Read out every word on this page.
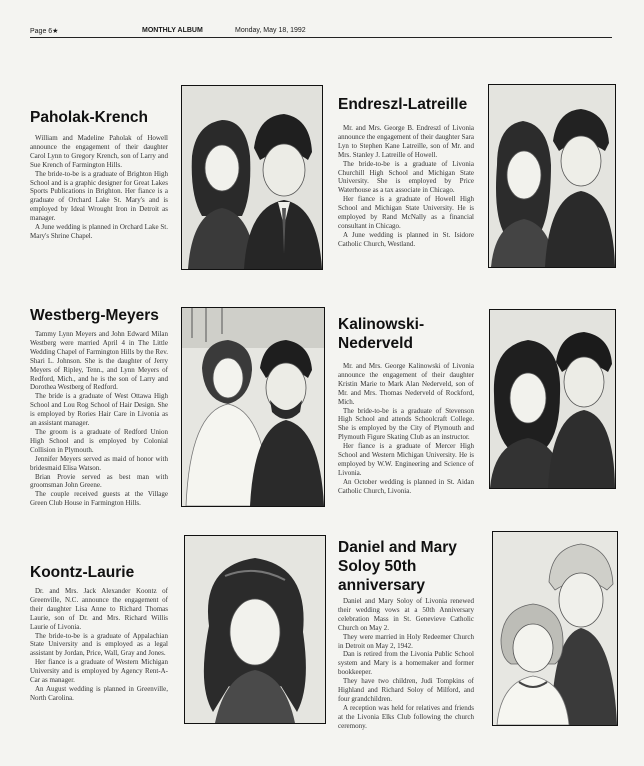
Page 6★	MONTHLY ALBUM	Monday, May 18, 1992
Paholak-Krench

William and Madeline Paholak of Howell announce the engagement of their daughter Carol Lynn to Gregory Krench, son of Larry and Sue Krench of Farmington Hills.

The bride-to-be is a graduate of Brighton High School and is a graphic designer for Great Lakes Sports Publications in Brighton. Her fiance is a graduate of Orchard Lake St. Mary's and is employed by Ideal Wrought Iron in Detroit as manager.

A June wedding is planned in Orchard Lake St. Mary's Shrine Chapel.

Endreszl-Latreille

Mr. and Mrs. George B. Endreszl of Livonia announce the engagement of their daughter Sara Lyn to Stephen Kane Latreille, son of Mr. and Mrs. Stanley J. Latreille of Howell.

The bride-to-be is a graduate of Livonia Churchill High School and Michigan State University. She is employed by Price Waterhouse as a tax associate in Chicago.

Her fiance is a graduate of Howell High School and Michigan State University. He is employed by Rand McNally as a financial consultant in Chicago.

A June wedding is planned in St. Isidore Catholic Church, Westland.

Westberg-Meyers

Tammy Lynn Meyers and John Edward Milan Westberg were married April 4 in The Little Wedding Chapel of Farmington Hills by the Rev. Shari L. Johnson. She is the daughter of Jerry Meyers of Ripley, Tenn., and Lynn Meyers of Redford, Mich., and he is the son of Larry and Dorothea Westberg of Redford.

The bride is a graduate of West Ottawa High School and Lou Rog School of Hair Design. She is employed by Rories Hair Care in Livonia as an assistant manager.

The groom is a graduate of Redford Union High School and is employed by Colonial Collision in Plymouth.

Jennifer Meyers served as maid of honor with bridesmaid Elisa Watson.

Brian Provie served as best man with groomsman John Greene.

The couple received guests at the Village Green Club House in Farmington Hills.

Kalinowski-
Nederveld

Mr. and Mrs. George Kalinowski of Livonia announce the engagement of their daughter Kristin Marie to Mark Alan Nederveld, son of Mr. and Mrs. Thomas Nederveld of Rockford, Mich.

The bride-to-be is a graduate of Stevenson High School and attends Schoolcraft College. She is employed by the City of Plymouth and Plymouth Figure Skating Club as an instructor.

Her fiance is a graduate of Mercer High School and Western Michigan University. He is employed by W.W. Engineering and Science of Livonia.

An October wedding is planned in St. Aidan Catholic Church, Livonia.

Koontz-Laurie

Dr. and Mrs. Jack Alexander Koontz of Greenville, N.C. announce the engagement of their daughter Lisa Anne to Richard Thomas Laurie, son of Dr. and Mrs. Richard Willis Laurie of Livonia.

The bride-to-be is a graduate of Appalachian State University and is employed as a legal assistant by Jordan, Price, Wall, Gray and Jones.

Her fiance is a graduate of Western Michigan University and is employed by Agency Rent-A-Car as manager.

An August wedding is planned in Greenville, North Carolina.

Daniel and Mary
Soloy 50th
anniversary

Daniel and Mary Soloy of Livonia renewed their wedding vows at a 50th Anniversary celebration Mass in St. Genevieve Catholic Church on May 2.

They were married in Holy Redeemer Church in Detroit on May 2, 1942.

Dan is retired from the Livonia Public School system and Mary is a homemaker and former bookkeeper.

They have two children, Judi Tompkins of Highland and Richard Soloy of Milford, and four grandchildren.

A reception was held for relatives and friends at the Livonia Elks Club following the church ceremony.
